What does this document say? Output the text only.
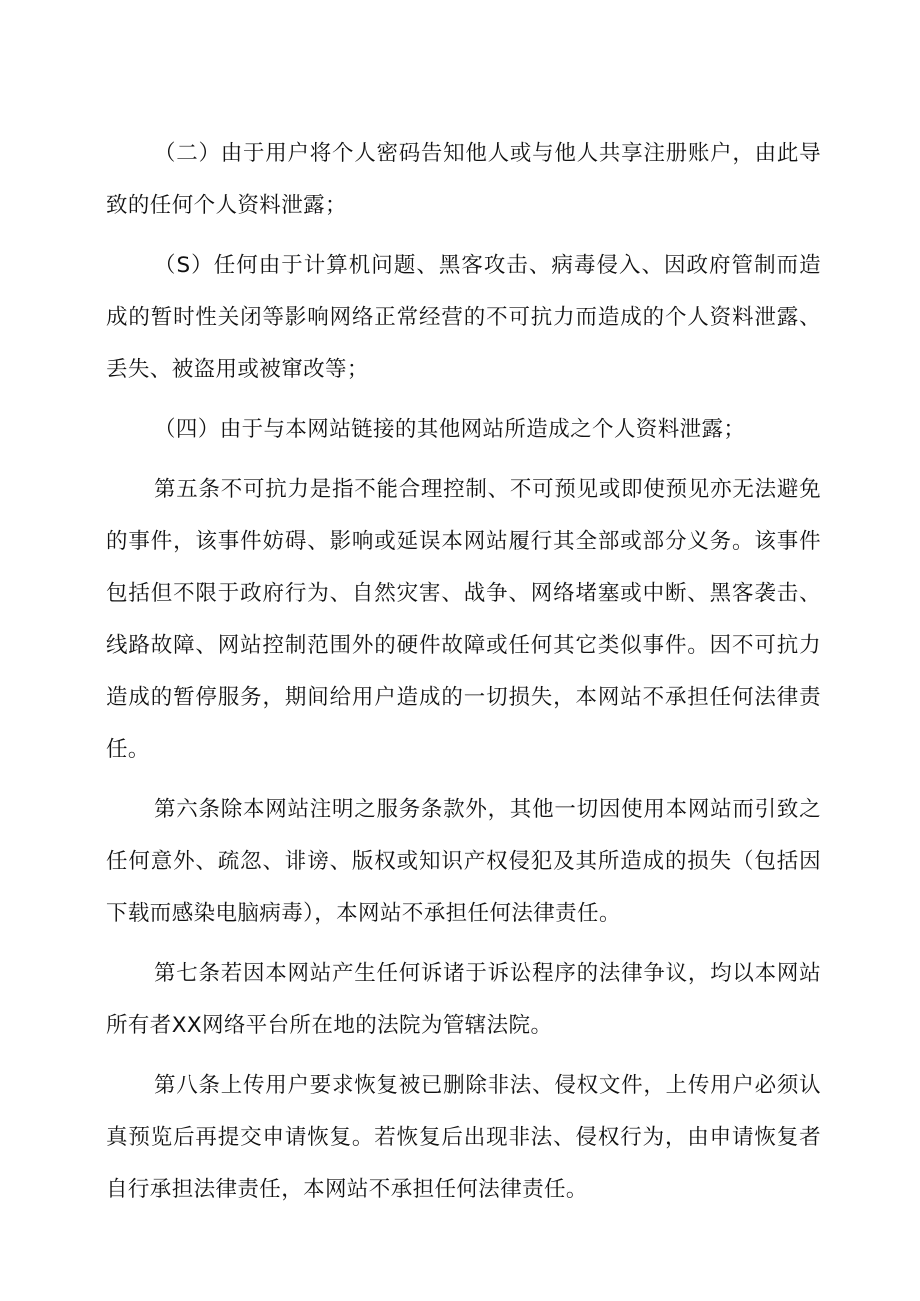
（二）由于用户将个人密码告知他人或与他人共享注册账户，由此导致的任何个人资料泄露；

（S）任何由于计算机问题、黑客攻击、病毒侵入、因政府管制而造成的暂时性关闭等影响网络正常经营的不可抗力而造成的个人资料泄露、丢失、被盗用或被窜改等；

（四）由于与本网站链接的其他网站所造成之个人资料泄露；

第五条不可抗力是指不能合理控制、不可预见或即使预见亦无法避免的事件，该事件妨碍、影响或延误本网站履行其全部或部分义务。该事件包括但不限于政府行为、自然灾害、战争、网络堵塞或中断、黑客袭击、线路故障、网站控制范围外的硬件故障或任何其它类似事件。因不可抗力造成的暂停服务，期间给用户造成的一切损失，本网站不承担任何法律责任。

第六条除本网站注明之服务条款外，其他一切因使用本网站而引致之任何意外、疏忽、诽谤、版权或知识产权侵犯及其所造成的损失（包括因下载而感染电脑病毒），本网站不承担任何法律责任。

第七条若因本网站产生任何诉诸于诉讼程序的法律争议，均以本网站所有者XX网络平台所在地的法院为管辖法院。

第八条上传用户要求恢复被已删除非法、侵权文件，上传用户必须认真预览后再提交申请恢复。若恢复后出现非法、侵权行为，由申请恢复者自行承担法律责任，本网站不承担任何法律责任。
